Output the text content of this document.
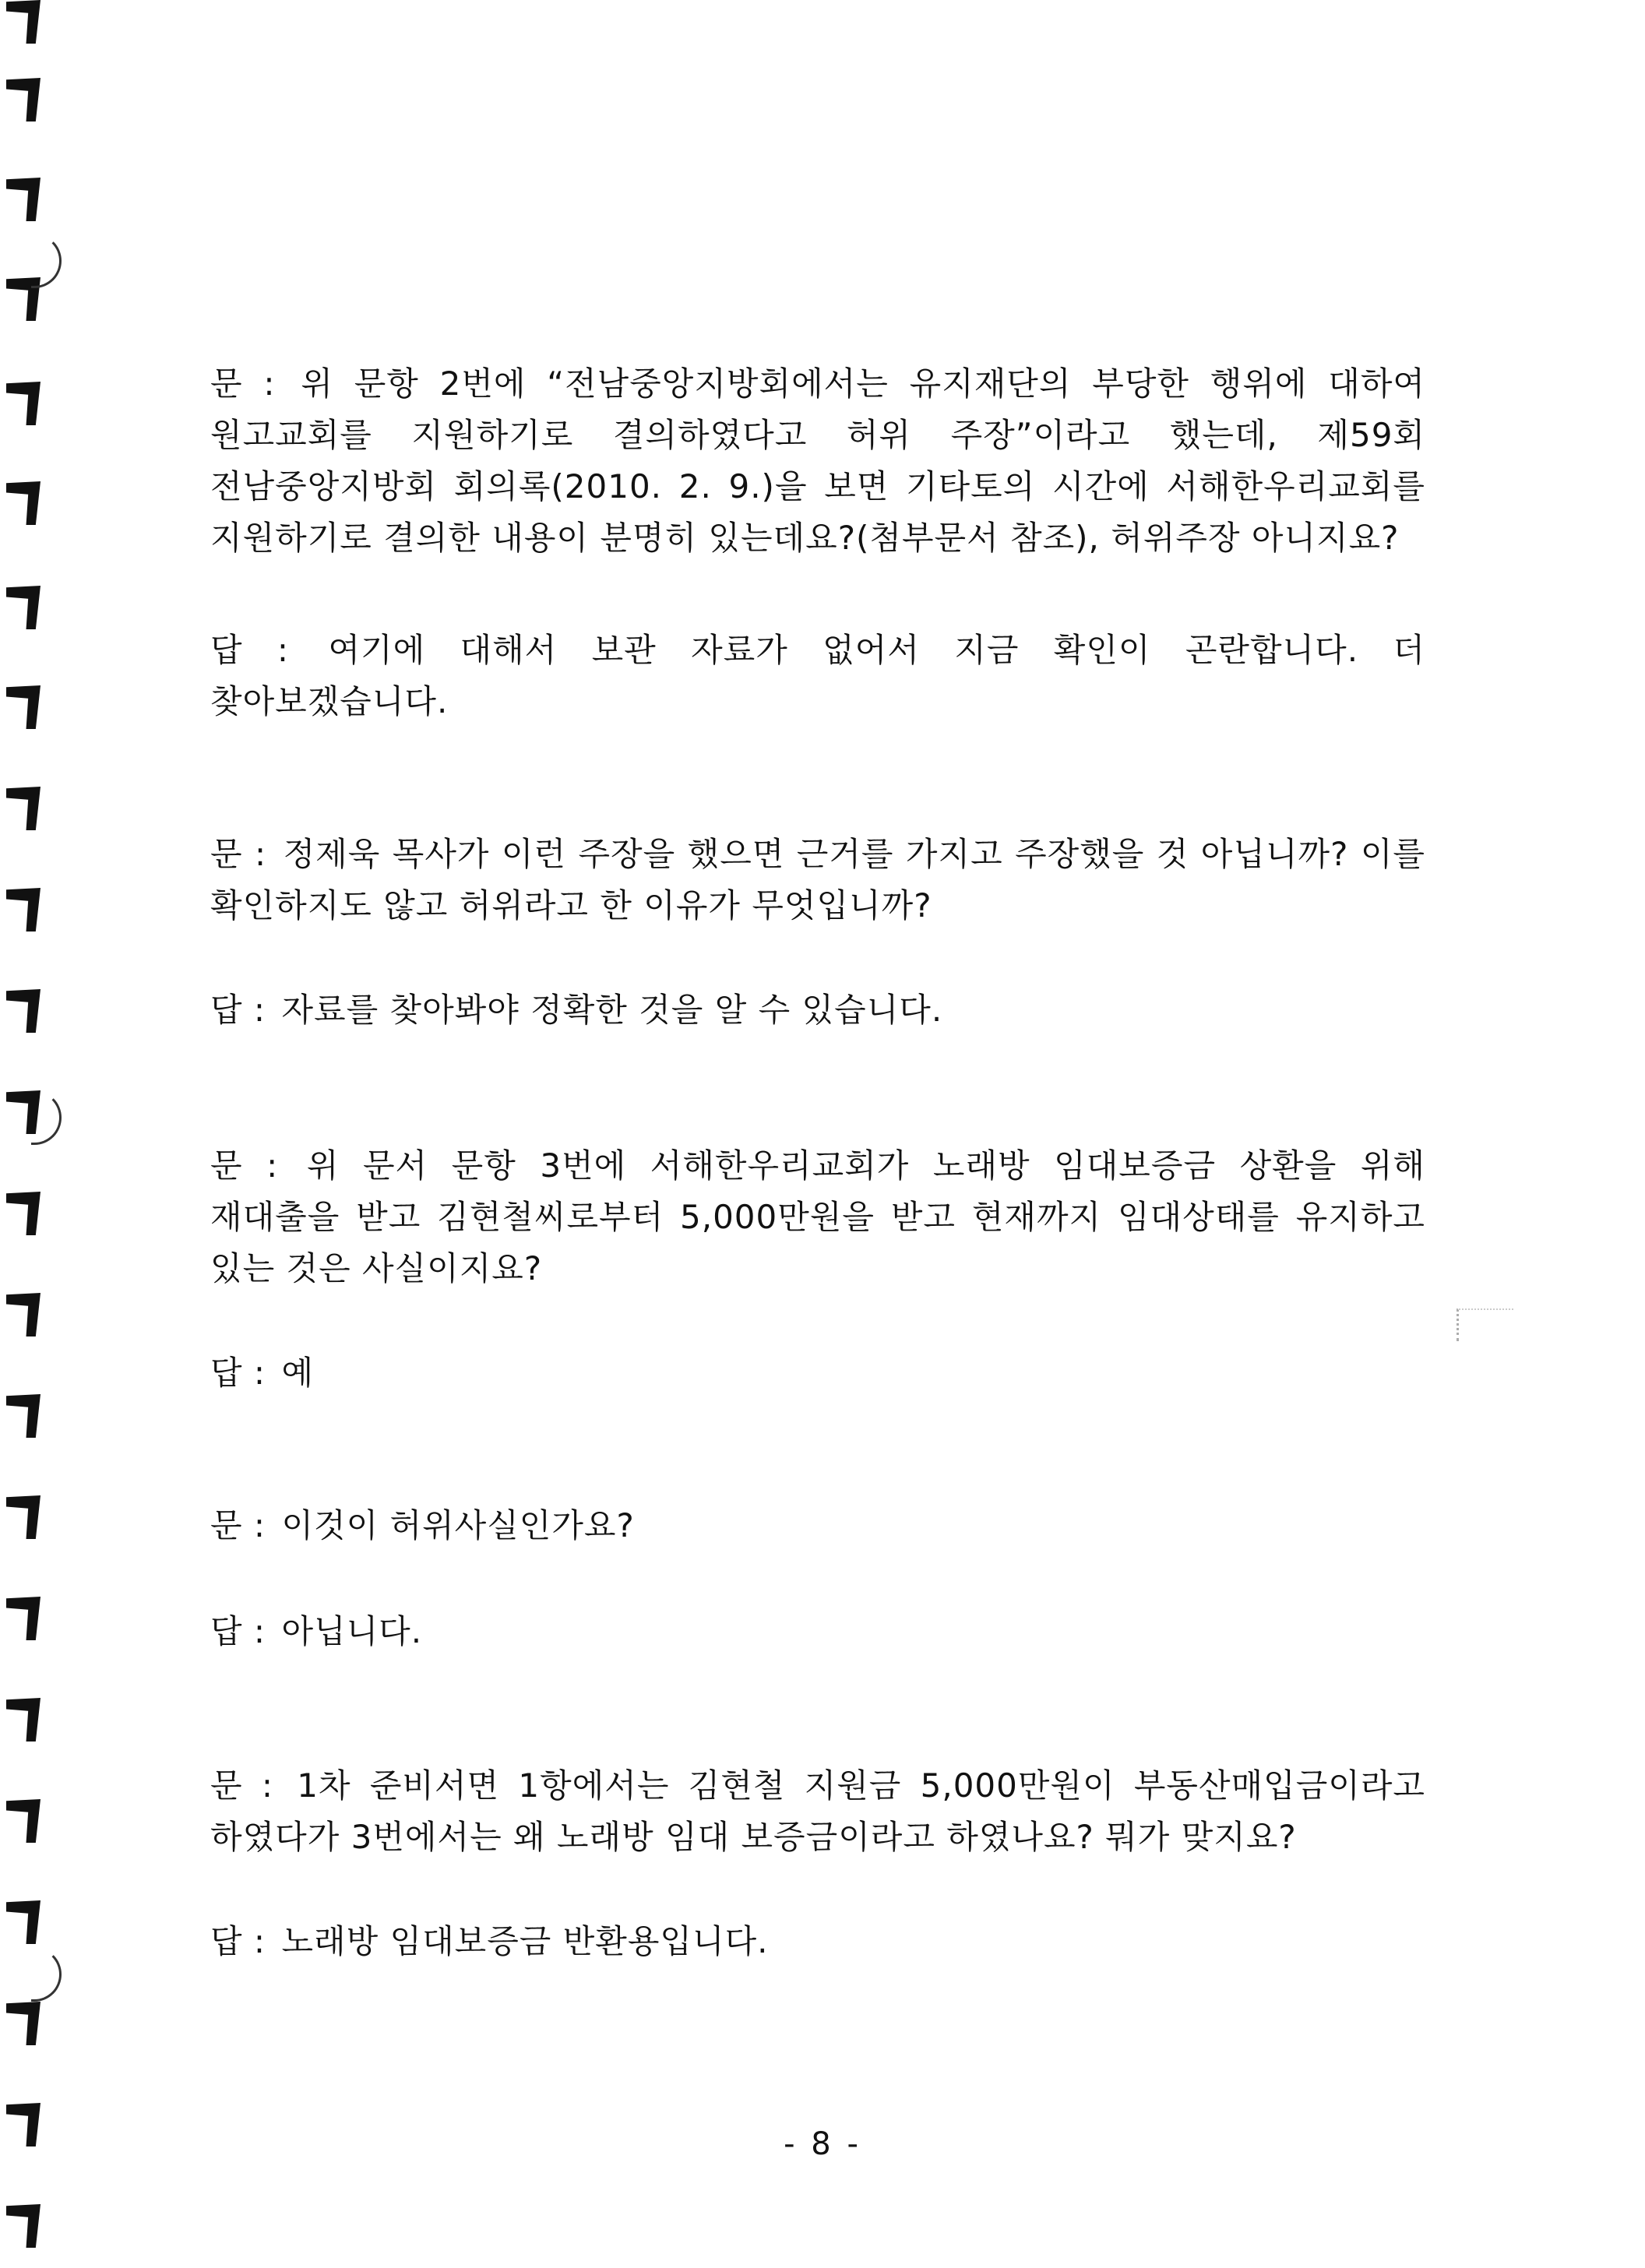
문 : 위 문항 2번에 “전남중앙지방회에서는 유지재단의 부당한 행위에 대하여 원고교회를 지원하기로 결의하였다고 허위 주장”이라고 했는데, 제59회 전남중앙지방회 회의록(2010. 2. 9.)을 보면 기타토의 시간에 서해한우리교회를 지원하기로 결의한 내용이 분명히 있는데요?(첨부문서 참조), 허위주장 아니지요?
답 : 여기에 대해서 보관 자료가 없어서 지금 확인이 곤란합니다. 더 찾아보겠습니다.
문 : 정제욱 목사가 이런 주장을 했으면 근거를 가지고 주장했을 것 아닙니까? 이를 확인하지도 않고 허위라고 한 이유가 무엇입니까?
답 : 자료를 찾아봐야 정확한 것을 알 수 있습니다.
문 : 위 문서 문항 3번에 서해한우리교회가 노래방 임대보증금 상환을 위해 재대출을 받고 김현철씨로부터 5,000만원을 받고 현재까지 임대상태를 유지하고 있는 것은 사실이지요?
답 : 예
문 : 이것이 허위사실인가요?
답 : 아닙니다.
문 : 1차 준비서면 1항에서는 김현철 지원금 5,000만원이 부동산매입금이라고 하였다가 3번에서는 왜 노래방 임대 보증금이라고 하였나요? 뭐가 맞지요?
답 : 노래방 임대보증금 반환용입니다.
- 8 -
